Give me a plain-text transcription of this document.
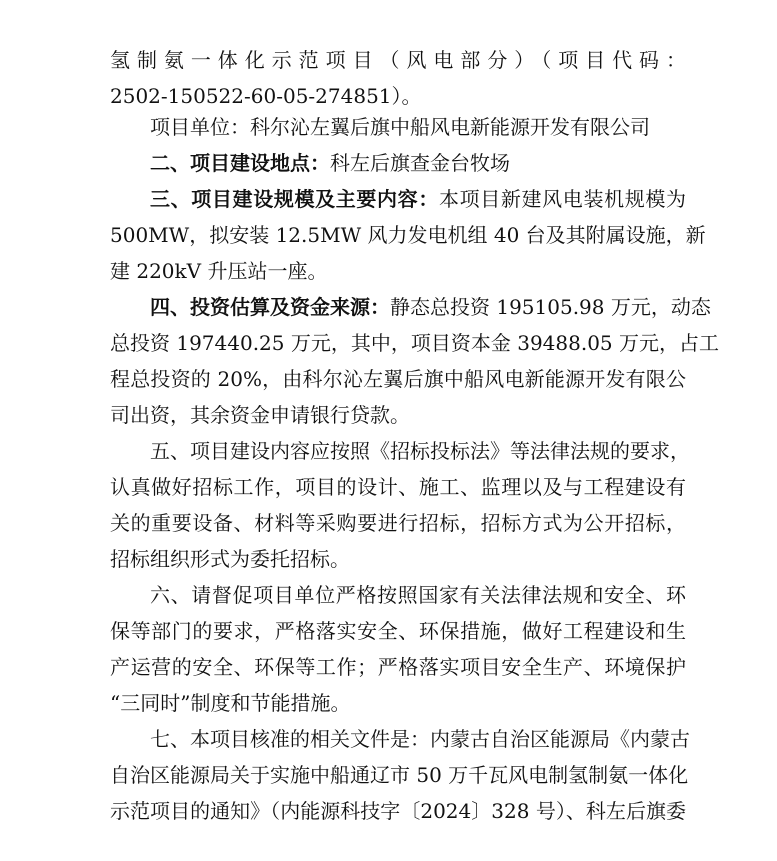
氢制氨一体化示范项目（风电部分）（项目代码：
2502-150522-60-05-274851）。
项目单位：科尔沁左翼后旗中船风电新能源开发有限公司
二、项目建设地点：科左后旗查金台牧场
三、项目建设规模及主要内容：本项目新建风电装机规模为
500MW，拟安装 12.5MW 风力发电机组 40 台及其附属设施，新
建 220kV 升压站一座。
四、投资估算及资金来源：静态总投资 195105.98 万元，动态
总投资 197440.25 万元，其中，项目资本金 39488.05 万元，占工
程总投资的 20%，由科尔沁左翼后旗中船风电新能源开发有限公
司出资，其余资金申请银行贷款。
五、项目建设内容应按照《招标投标法》等法律法规的要求，
认真做好招标工作，项目的设计、施工、监理以及与工程建设有
关的重要设备、材料等采购要进行招标，招标方式为公开招标，
招标组织形式为委托招标。
六、请督促项目单位严格按照国家有关法律法规和安全、环
保等部门的要求，严格落实安全、环保措施，做好工程建设和生
产运营的安全、环保等工作；严格落实项目安全生产、环境保护
“三同时”制度和节能措施。
七、本项目核准的相关文件是：内蒙古自治区能源局《内蒙古
自治区能源局关于实施中船通辽市 50 万千瓦风电制氢制氨一体化
示范项目的通知》（内能源科技字〔2024〕328 号）、科左后旗委
